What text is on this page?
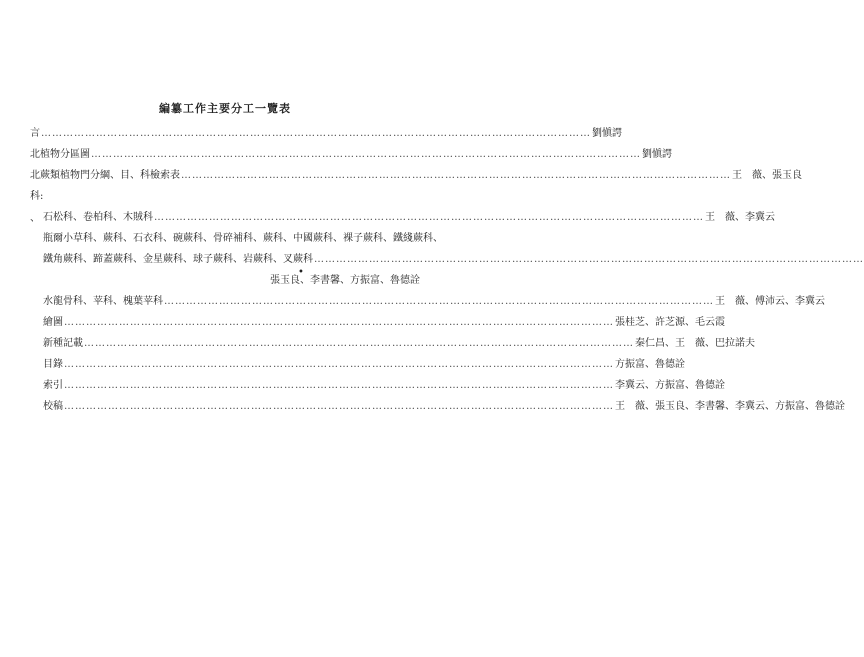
編簒工作主要分工一覽表
言 …………………………………………………………………………………………………………………………………… 劉愼諤
北植物分區圖 …………………………………………………………………………………………………………………………………… 劉愼諤
北蕨類植物門分綱、目、科檢索表 …………………………………………………………………………………………………………………………………… 王　薇、張玉良
科:
、 石松科、卷柏科、木賊科 …………………………………………………………………………………………………………………………………… 王　薇、李冀云
瓶爾小草科、蕨科、石衣科、碗蕨科、骨碎補科、蕨科、中國蕨科、裸子蕨科、鐵綫蕨科、
鐵角蕨科、蹄蓋蕨科、金星蕨科、球子蕨科、岩蕨科、叉蕨科 ……………………………………………………………………………………………………………………………………
•
張玉良、李書馨、方振富、魯德詮
水龍骨科、苹科、槐葉苹科 …………………………………………………………………………………………………………………………………… 王　薇、傅沛云、李冀云
繪圖 …………………………………………………………………………………………………………………………………… 張桂芝、許芝源、毛云霞
新種記載 …………………………………………………………………………………………………………………………………… 秦仁昌、王　薇、巴拉諾夫
目錄 …………………………………………………………………………………………………………………………………… 方振富、魯德詮
索引 …………………………………………………………………………………………………………………………………… 李冀云、方振富、魯德詮
校稿 …………………………………………………………………………………………………………………………………… 王　薇、張玉良、李書馨、李冀云、方振富、魯德詮
